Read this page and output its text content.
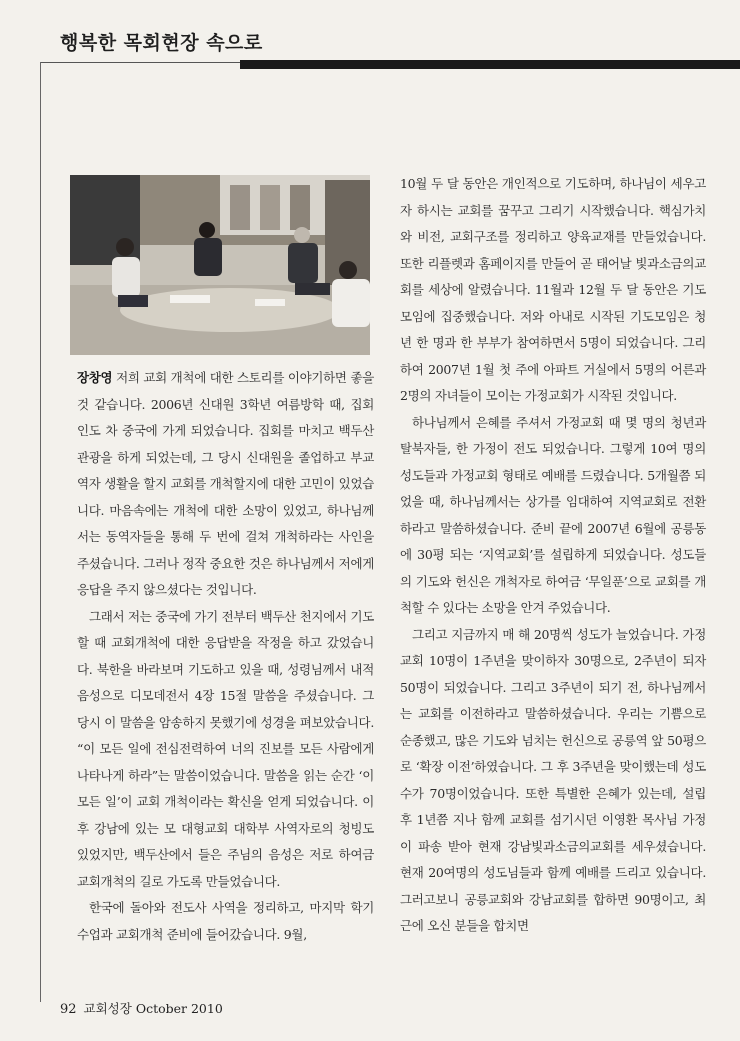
행복한 목회현장 속으로

장창영 저희 교회 개척에 대한 스토리를 이야기하면 좋을 것 같습니다. 2006년 신대원 3학년 여름방학 때, 집회 인도 차 중국에 가게 되었습니다. 집회를 마치고 백두산 관광을 하게 되었는데, 그 당시 신대원을 졸업하고 부교역자 생활을 할지 교회를 개척할지에 대한 고민이 있었습니다. 마음속에는 개척에 대한 소망이 있었고, 하나님께서는 동역자들을 통해 두 번에 걸쳐 개척하라는 사인을 주셨습니다. 그러나 정작 중요한 것은 하나님께서 저에게 응답을 주지 않으셨다는 것입니다.

그래서 저는 중국에 가기 전부터 백두산 천지에서 기도할 때 교회개척에 대한 응답받을 작정을 하고 갔었습니다. 북한을 바라보며 기도하고 있을 때, 성령님께서 내적 음성으로 디모데전서 4장 15절 말씀을 주셨습니다. 그 당시 이 말씀을 암송하지 못했기에 성경을 펴보았습니다. “이 모든 일에 전심전력하여 너의 진보를 모든 사람에게 나타나게 하라”는 말씀이었습니다. 말씀을 읽는 순간 ‘이 모든 일’이 교회 개척이라는 확신을 얻게 되었습니다. 이후 강남에 있는 모 대형교회 대학부 사역자로의 청빙도 있었지만, 백두산에서 들은 주님의 음성은 저로 하여금 교회개척의 길로 가도록 만들었습니다.

한국에 돌아와 전도사 사역을 정리하고, 마지막 학기 수업과 교회개척 준비에 들어갔습니다. 9월,

10월 두 달 동안은 개인적으로 기도하며, 하나님이 세우고자 하시는 교회를 꿈꾸고 그리기 시작했습니다. 핵심가치와 비전, 교회구조를 정리하고 양육교재를 만들었습니다. 또한 리플렛과 홈페이지를 만들어 곧 태어날 빛과소금의교회를 세상에 알렸습니다. 11월과 12월 두 달 동안은 기도모임에 집중했습니다. 저와 아내로 시작된 기도모임은 청년 한 명과 한 부부가 참여하면서 5명이 되었습니다. 그리하여 2007년 1월 첫 주에 아파트 거실에서 5명의 어른과 2명의 자녀들이 모이는 가정교회가 시작된 것입니다.

하나님께서 은혜를 주셔서 가정교회 때 몇 명의 청년과 탈북자들, 한 가정이 전도 되었습니다. 그렇게 10여 명의 성도들과 가정교회 형태로 예배를 드렸습니다. 5개월쯤 되었을 때, 하나님께서는 상가를 임대하여 지역교회로 전환하라고 말씀하셨습니다. 준비 끝에 2007년 6월에 공릉동에 30평 되는 ‘지역교회’를 설립하게 되었습니다. 성도들의 기도와 헌신은 개척자로 하여금 ‘무일푼’으로 교회를 개척할 수 있다는 소망을 안겨 주었습니다.

그리고 지금까지 매 해 20명씩 성도가 늘었습니다. 가정교회 10명이 1주년을 맞이하자 30명으로, 2주년이 되자 50명이 되었습니다. 그리고 3주년이 되기 전, 하나님께서는 교회를 이전하라고 말씀하셨습니다. 우리는 기쁨으로 순종했고, 많은 기도와 넘치는 헌신으로 공릉역 앞 50평으로 ‘확장 이전’하였습니다. 그 후 3주년을 맞이했는데 성도수가 70명이었습니다. 또한 특별한 은혜가 있는데, 설립 후 1년쯤 지나 함께 교회를 섬기시던 이영환 목사님 가정이 파송 받아 현재 강남빛과소금의교회를 세우셨습니다. 현재 20여명의 성도님들과 함께 예배를 드리고 있습니다. 그러고보니 공릉교회와 강남교회를 합하면 90명이고, 최근에 오신 분들을 합치면

92 교회성장 October 2010
